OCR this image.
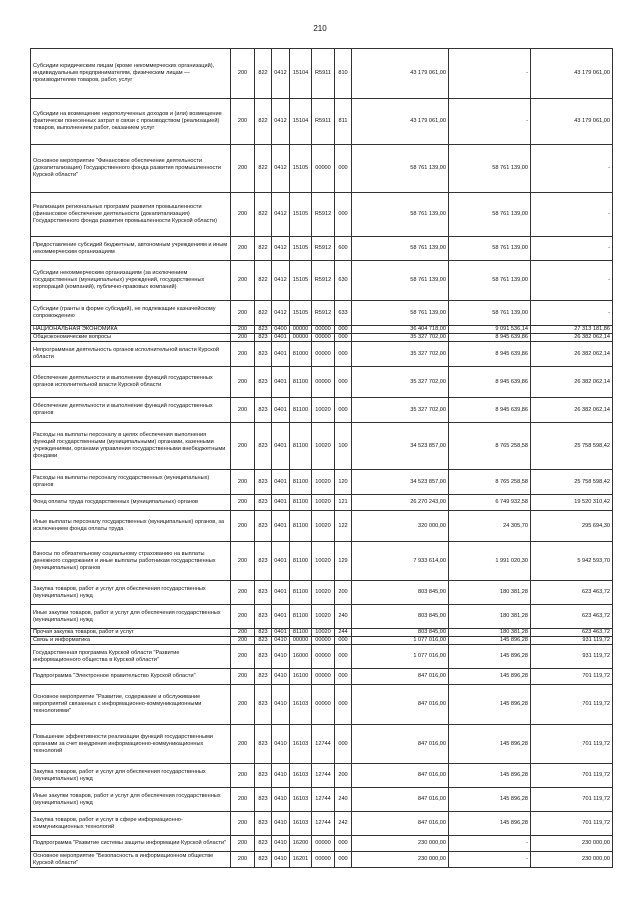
210
Субсидии юридическим лицам (кроме некоммерческих организаций), индивидуальным предпринимателям, физическим лицам — производителям товаров, работ, услуг	200	822	0412	15104	R5911	810	43 179 061,00	-	43 179 061,00

Субсидии на возмещение недополученных доходов и (или) возмещение фактически понесенных затрат в связи с производством (реализацией) товаров, выполнением работ, оказанием услуг	200	822	0412	15104	R5911	811	43 179 061,00	-	43 179 061,00

Основное мероприятие "Финансовое обеспечение деятельности (докапитализация) Государственного фонда развития промышленности Курской области"	200	822	0412	15105	00000	000	58 761 139,00	58 761 139,00	-

Реализация региональных программ развития промышленности (финансовое обеспечение деятельности (докапитализация) Государственного фонда развития промышленности Курской области)	200	822	0412	15105	R5912	000	58 761 139,00	58 761 139,00	-

Предоставление субсидий бюджетным, автономным учреждениям и иным некоммерческим организациям	200	822	0412	15105	R5912	600	58 761 139,00	58 761 139,00	-

Субсидии некоммерческим организациям (за исключением государственных (муниципальных) учреждений, государственных корпораций (компаний), публично-правовых компаний)	200	822	0412	15105	R5912	630	58 761 139,00	58 761 139,00	-

Субсидии (гранты в форме субсидий), не подлежащие казначейскому сопровождению	200	822	0412	15105	R5912	633	58 761 139,00	58 761 139,00	-

НАЦИОНАЛЬНАЯ ЭКОНОМИКА	200	823	0400	00000	00000	000	36 404 718,00	9 091 536,14	27 313 181,86

Общеэкономические вопросы	200	823	0401	00000	00000	000	35 327 702,00	8 945 639,86	26 382 062,14

Непрограммная деятельность органов исполнительной власти Курской области	200	823	0401	81000	00000	000	35 327 702,00	8 945 639,86	26 382 062,14

Обеспечение деятельности и выполнение функций государственных органов исполнительной власти Курской области	200	823	0401	81100	00000	000	35 327 702,00	8 945 639,86	26 382 062,14

Обеспечение деятельности и выполнение функций государственных органов	200	823	0401	81100	10020	000	35 327 702,00	8 945 639,86	26 382 062,14

Расходы на выплаты персоналу в целях обеспечения выполнения функций государственными (муниципальными) органами, казенными учреждениями, органами управления государственными внебюджетными фондами	200	823	0401	81100	10020	100	34 523 857,00	8 765 258,58	25 758 598,42

Расходы на выплаты персоналу государственных (муниципальных) органов	200	823	0401	81100	10020	120	34 523 857,00	8 765 258,58	25 758 598,42

Фонд оплаты труда государственных (муниципальных) органов	200	823	0401	81100	10020	121	26 270 243,00	6 749 932,58	19 520 310,42

Иные выплаты персоналу государственных (муниципальных) органов, за исключением фонда оплаты труда	200	823	0401	81100	10020	122	320 000,00	24 305,70	295 694,30

Взносы по обязательному социальному страхованию на выплаты денежного содержания и иные выплаты работникам государственных (муниципальных) органов	200	823	0401	81100	10020	129	7 933 614,00	1 991 020,30	5 942 593,70

Закупка товаров, работ и услуг для обеспечения государственных (муниципальных) нужд	200	823	0401	81100	10020	200	803 845,00	180 381,28	623 463,72

Иные закупки товаров, работ и услуг для обеспечения государственных (муниципальных) нужд	200	823	0401	81100	10020	240	803 845,00	180 381,28	623 463,72

Прочая закупка товаров, работ и услуг	200	823	0401	81100	10020	244	803 845,00	180 381,28	623 463,72

Связь и информатика	200	823	0410	00000	00000	000	1 077 016,00	145 896,28	931 119,72

Государственная программа Курской области "Развитие информационного общества в Курской области"	200	823	0410	16000	00000	000	1 077 016,00	145 896,28	931 119,72

Подпрограмма "Электронное правительство Курской области"	200	823	0410	16100	00000	000	847 016,00	145 896,28	701 119,72

Основное мероприятие "Развитие, содержание и обслуживание мероприятий связанных с информационно-коммуникационными технологиями"	200	823	0410	16103	00000	000	847 016,00	145 896,28	701 119,72

Повышение эффективности реализации функций государственными органами за счет внедрения информационно-коммуникационных технологий	200	823	0410	16103	12744	000	847 016,00	145 896,28	701 119,72

Закупка товаров, работ и услуг для обеспечения государственных (муниципальных) нужд	200	823	0410	16103	12744	200	847 016,00	145 896,28	701 119,72

Иные закупки товаров, работ и услуг для обеспечения государственных (муниципальных) нужд	200	823	0410	16103	12744	240	847 016,00	145 896,28	701 119,72

Закупка товаров, работ и услуг в сфере информационно-коммуникационных технологий	200	823	0410	16103	12744	242	847 016,00	145 896,28	701 119,72

Подпрограмма "Развитие системы защиты информации Курской области"	200	823	0410	16200	00000	000	230 000,00	-	230 000,00

Основное мероприятие "Безопасность в информационном обществе Курской области"	200	823	0410	16201	00000	000	230 000,00	-	230 000,00
